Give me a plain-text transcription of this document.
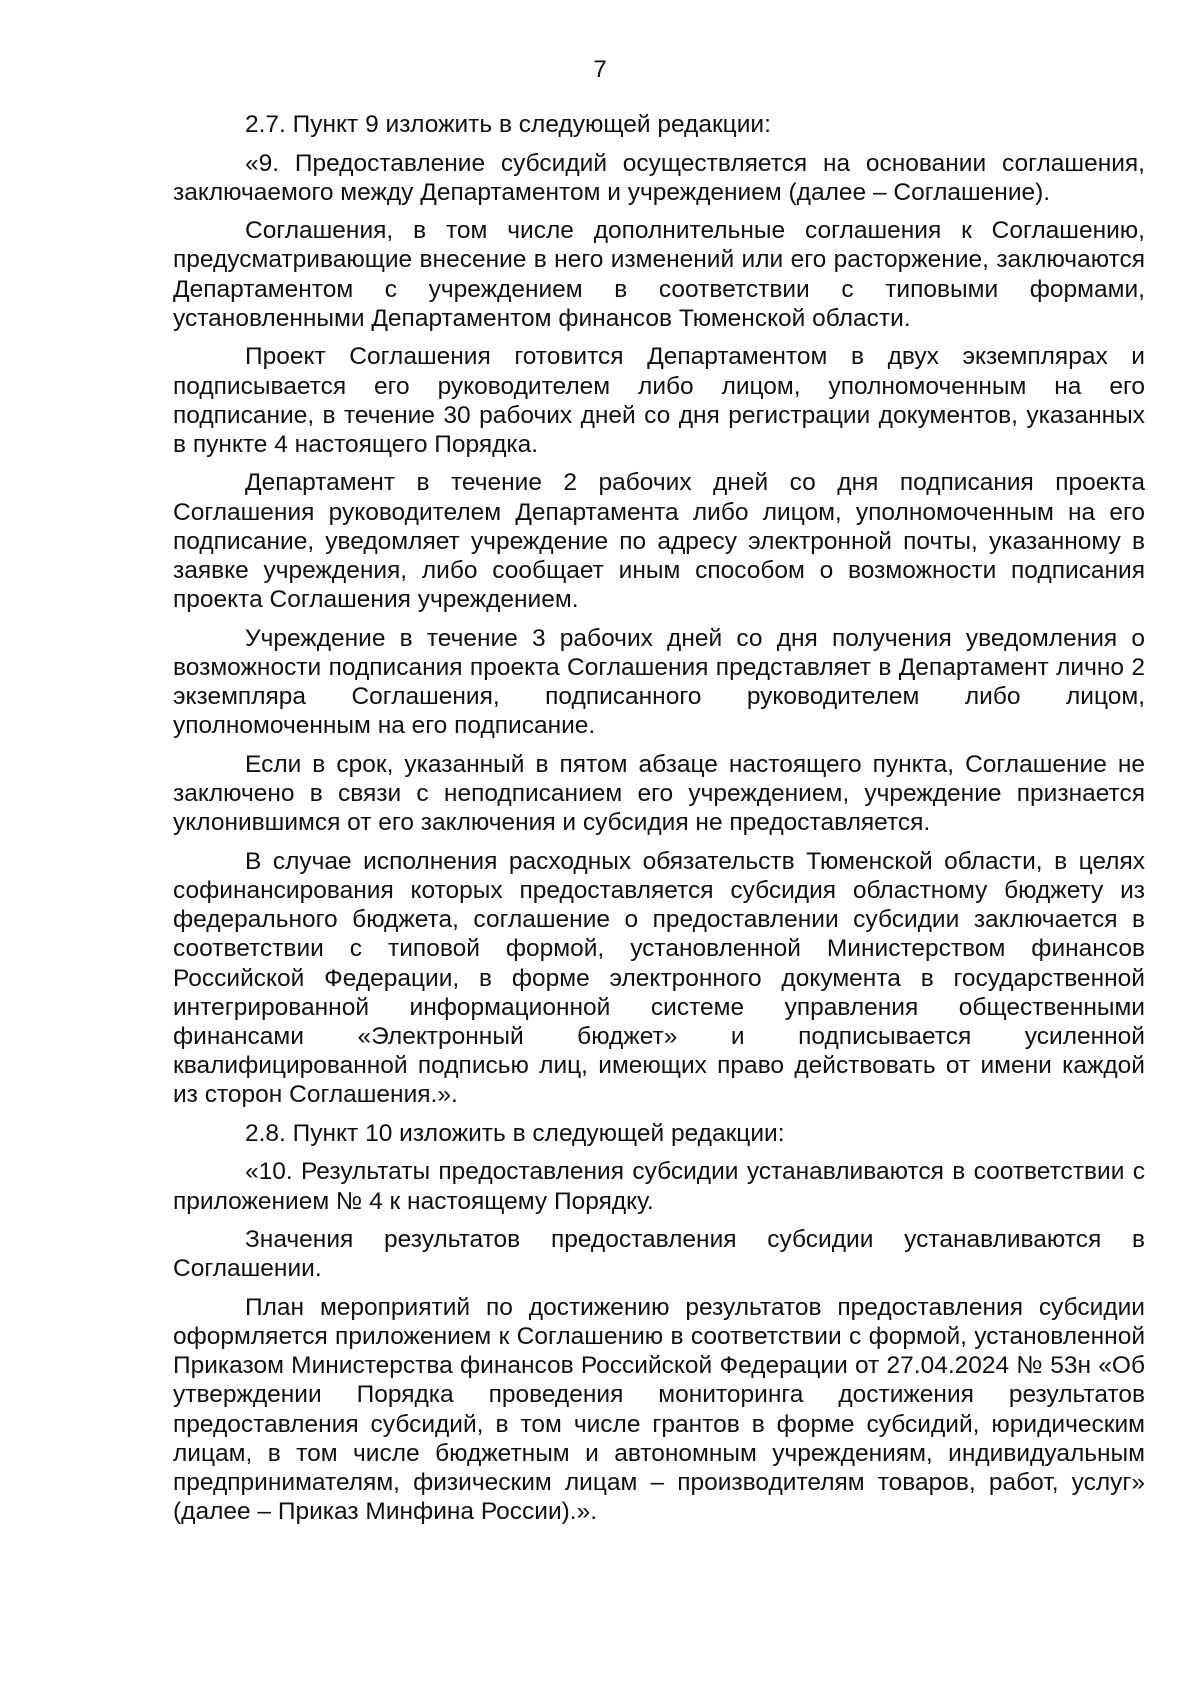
7

2.7. Пункт 9 изложить в следующей редакции:

«9. Предоставление субсидий осуществляется на основании соглашения, заключаемого между Департаментом и учреждением (далее – Соглашение).

Соглашения, в том числе дополнительные соглашения к Соглашению, предусматривающие внесение в него изменений или его расторжение, заключаются Департаментом с учреждением в соответствии с типовыми формами, установленными Департаментом финансов Тюменской области.

Проект Соглашения готовится Департаментом в двух экземплярах и подписывается его руководителем либо лицом, уполномоченным на его подписание, в течение 30 рабочих дней со дня регистрации документов, указанных в пункте 4 настоящего Порядка.

Департамент в течение 2 рабочих дней со дня подписания проекта Соглашения руководителем Департамента либо лицом, уполномоченным на его подписание, уведомляет учреждение по адресу электронной почты, указанному в заявке учреждения, либо сообщает иным способом о возможности подписания проекта Соглашения учреждением.

Учреждение в течение 3 рабочих дней со дня получения уведомления о возможности подписания проекта Соглашения представляет в Департамент лично 2 экземпляра Соглашения, подписанного руководителем либо лицом, уполномоченным на его подписание.

Если в срок, указанный в пятом абзаце настоящего пункта, Соглашение не заключено в связи с неподписанием его учреждением, учреждение признается уклонившимся от его заключения и субсидия не предоставляется.

В случае исполнения расходных обязательств Тюменской области, в целях софинансирования которых предоставляется субсидия областному бюджету из федерального бюджета, соглашение о предоставлении субсидии заключается в соответствии с типовой формой, установленной Министерством финансов Российской Федерации, в форме электронного документа в государственной интегрированной информационной системе управления общественными финансами «Электронный бюджет» и подписывается усиленной квалифицированной подписью лиц, имеющих право действовать от имени каждой из сторон Соглашения.».

2.8. Пункт 10 изложить в следующей редакции:

«10. Результаты предоставления субсидии устанавливаются в соответствии с приложением № 4 к настоящему Порядку.

Значения результатов предоставления субсидии устанавливаются в Соглашении.

План мероприятий по достижению результатов предоставления субсидии оформляется приложением к Соглашению в соответствии с формой, установленной Приказом Министерства финансов Российской Федерации от 27.04.2024 № 53н «Об утверждении Порядка проведения мониторинга достижения результатов предоставления субсидий, в том числе грантов в форме субсидий, юридическим лицам, в том числе бюджетным и автономным учреждениям, индивидуальным предпринимателям, физическим лицам – производителям товаров, работ, услуг» (далее – Приказ Минфина России).».
